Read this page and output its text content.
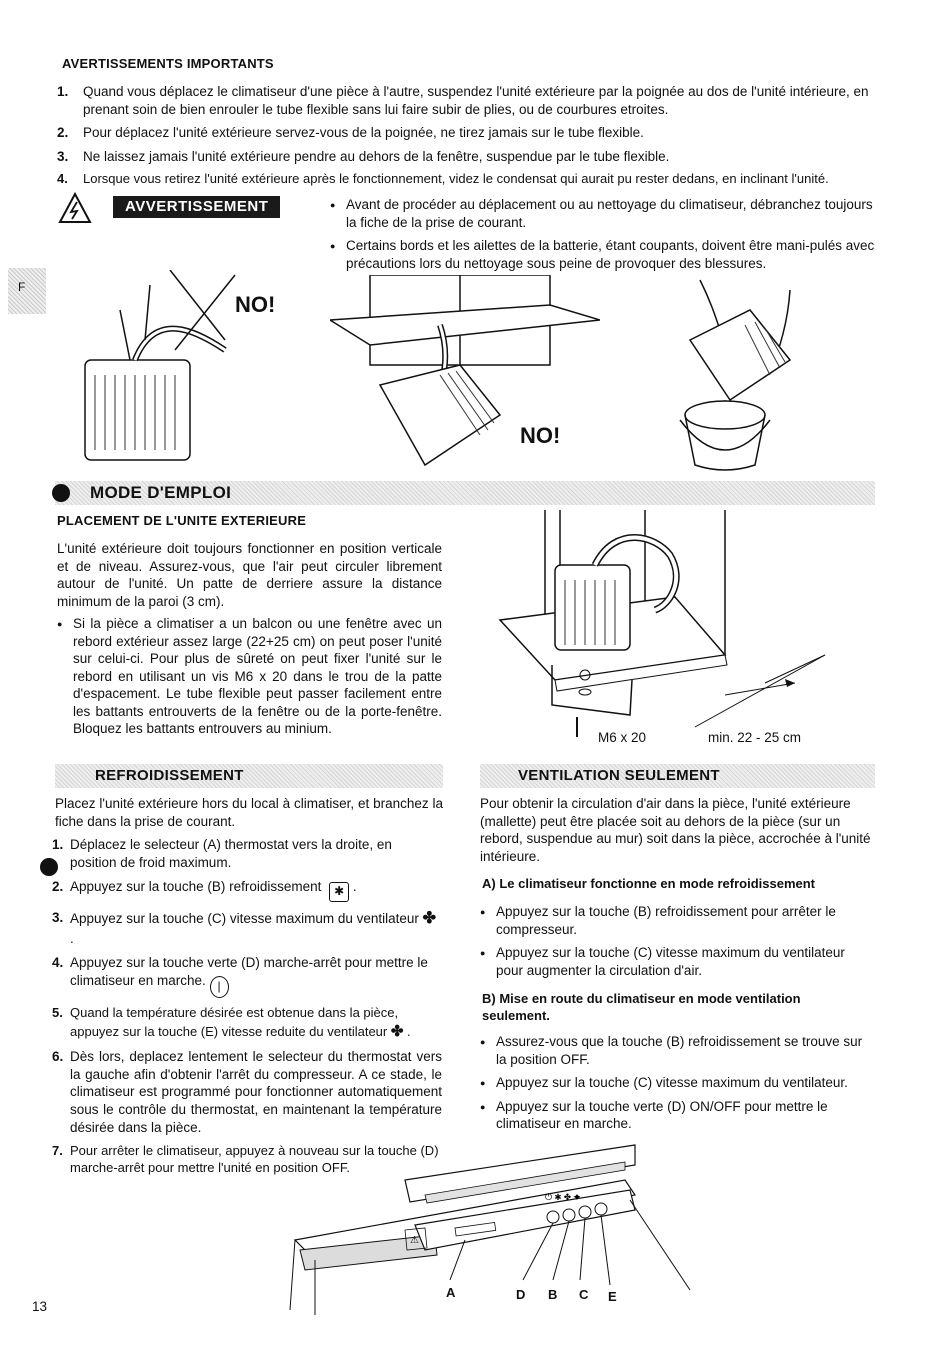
AVERTISSEMENTS IMPORTANTS
1. Quand vous déplacez le climatiseur d'une pièce à l'autre, suspendez l'unité extérieure par la poignée au dos de l'unité intérieure, en prenant soin de bien enrouler le tube flexible sans lui faire subir de plies, ou de courbures etroites.
2. Pour déplacez l'unité extérieure servez-vous de la poignée, ne tirez jamais sur le tube flexible.
3. Ne laissez jamais l'unité extérieure pendre au dehors de la fenêtre, suspendue par le tube flexible.
4. Lorsque vous retirez l'unité extérieure après le fonctionnement, videz le condensat qui aurait pu rester dedans, en inclinant l'unité.
AVVERTISSEMENT
●	Avant de procéder au déplacement ou au nettoyage du climatiseur, débranchez toujours la fiche de la prise de courant.
● Certains bords et les ailettes de la batterie, étant coupants, doivent être mani-pulés avec précautions lors du nettoyage sous peine de provoquer des blessures.
F
NO!
NO!
MODE D'EMPLOI
PLACEMENT DE L'UNITE EXTERIEURE
L'unité extérieure doit toujours fonctionner en position verticale et de niveau. Assurez-vous, que l'air peut circuler librement autour de l'unité. Un patte de derriere assure la distance minimum de la paroi (3 cm).
● Si la pièce a climatiser a un balcon ou une fenêtre avec un rebord extérieur assez large (22+25 cm) on peut poser l'unité sur celui-ci. Pour plus de sûreté on peut fixer l'unité sur le rebord en utilisant un vis M6 x 20 dans le trou de la patte d'espacement. Le tube flexible peut passer facilement entre les battants entrouverts de la fenêtre ou de la porte-fenêtre. Bloquez les battants entrouvers au minium.
M6 x 20	min. 22 - 25 cm
REFROIDISSEMENT
Placez l'unité extérieure hors du local à climatiser, et branchez la fiche dans la prise de courant.
1. Déplacez le selecteur (A) thermostat vers la droite, en position de froid maximum.
2. Appuyez sur la touche (B) refroidissement ✱ .
3. Appuyez sur la touche (C) vitesse maximum du ventilateur ✤ .
4. Appuyez sur la touche verte (D) marche-arrêt pour mettre le climatiseur en marche. |
5. Quand la température désirée est obtenue dans la pièce, appuyez sur la touche (E) vitesse reduite du ventilateur ✤ .
6. Dès lors, deplacez lentement le selecteur du thermostat vers la gauche afin d'obtenir l'arrêt du compresseur. A ce stade, le climatiseur est programmé pour fonctionner automatiquement sous le contrôle du thermostat, en maintenant la température désirée dans la pièce.
7. Pour arrêter le climatiseur, appuyez à nouveau sur la touche (D) marche-arrêt pour mettre l'unité en position OFF.
VENTILATION SEULEMENT
Pour obtenir la circulation d'air dans la pièce, l'unité extérieure (mallette) peut être placée soit au dehors de la pièce (sur un rebord, suspendue au mur) soit dans la pièce, accrochée à l'unité intérieure.
A) Le climatiseur fonctionne en mode refroidissement
● Appuyez sur la touche (B) refroidissement pour arrêter le compresseur.
● Appuyez sur la touche (C) vitesse maximum du ventilateur pour augmenter la circulation d'air.
B) Mise en route du climatiseur en mode ventilation seulement.
● Assurez-vous que la touche (B) refroidissement se trouve sur la position OFF.
● Appuyez sur la touche (C) vitesse maximum du ventilateur.
● Appuyez sur la touche verte (D) ON/OFF pour mettre le climatiseur en marche.
⚠
⏻ ✱ ✤ ✦
A	D B C E
13
